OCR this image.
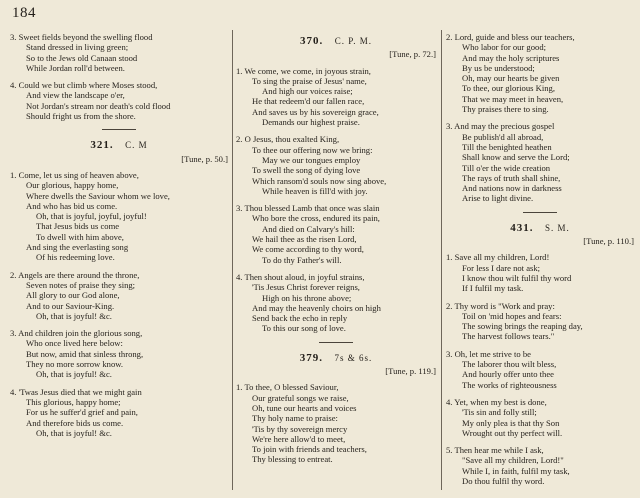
184
3. Sweet fields beyond the swelling flood
Stand dressed in living green;
So to the Jews old Canaan stood
While Jordan roll'd between.
4. Could we but climb where Moses stood,
And view the landscape o'er,
Not Jordan's stream nor death's cold flood
Should fright us from the shore.
321. C. M
[Tune, p. 50.]
1. Come, let us sing of heaven above,
Our glorious, happy home,
Where dwells the Saviour whom we love,
And who has bid us come.
Oh, that is joyful, joyful, joyful!
That Jesus bids us come
To dwell with him above,
And sing the everlasting song
Of his redeeming love.
2. Angels are there around the throne,
Seven notes of praise they sing;
All glory to our God alone,
And to our Saviour-King.
Oh, that is joyful! &c.
3. And children join the glorious song,
Who once lived here below:
But now, amid that sinless throng,
They no more sorrow know.
Oh, that is joyful! &c.
4. 'Twas Jesus died that we might gain
This glorious, happy home;
For us he suffer'd grief and pain,
And therefore bids us come.
Oh, that is joyful! &c.
370. C. P. M.
[Tune, p. 72.]
1. We come, we come, in joyous strain,
To sing the praise of Jesus' name,
And high our voices raise;
He that redeem'd our fallen race,
And saves us by his sovereign grace,
Demands our highest praise.
2. O Jesus, thou exalted King,
To thee our offering now we bring:
May we our tongues employ
To swell the song of dying love
Which ransom'd souls now sing above,
While heaven is fill'd with joy.
3. Thou blessed Lamb that once was slain
Who bore the cross, endured its pain,
And died on Calvary's hill:
We hail thee as the risen Lord,
We come according to thy word,
To do thy Father's will.
4. Then shout aloud, in joyful strains,
'Tis Jesus Christ forever reigns,
High on his throne above;
And may the heavenly choirs on high
Send back the echo in reply
To this our song of love.
379. 7s & 6s.
[Tune, p. 119.]
1. To thee, O blessed Saviour,
Our grateful songs we raise,
Oh, tune our hearts and voices
Thy holy name to praise:
'Tis by thy sovereign mercy
We're here allow'd to meet,
To join with friends and teachers,
Thy blessing to entreat.
2. Lord, guide and bless our teachers,
Who labor for our good;
And may the holy scriptures
By us be understood;
Oh, may our hearts be given
To thee, our glorious King,
That we may meet in heaven,
Thy praises there to sing.
3. And may the precious gospel
Be publish'd all abroad,
Till the benighted heathen
Shall know and serve the Lord;
Till o'er the wide creation
The rays of truth shall shine,
And nations now in darkness
Arise to light divine.
431. S. M.
[Tune, p. 110.]
1. Save all my children, Lord!
For less I dare not ask;
I know thou wilt fulfil thy word
If I fulfil my task.
2. Thy word is "Work and pray:
Toil on 'mid hopes and fears:
The sowing brings the reaping day,
The harvest follows tears."
3. Oh, let me strive to be
The laborer thou wilt bless,
And hourly offer unto thee
The works of righteousness
4. Yet, when my best is done,
'Tis sin and folly still;
My only plea is that thy Son
Wrought out thy perfect will.
5. Then hear me while I ask,
"Save all my children, Lord!"
While I, in faith, fulfil my task,
Do thou fulfil thy word.
